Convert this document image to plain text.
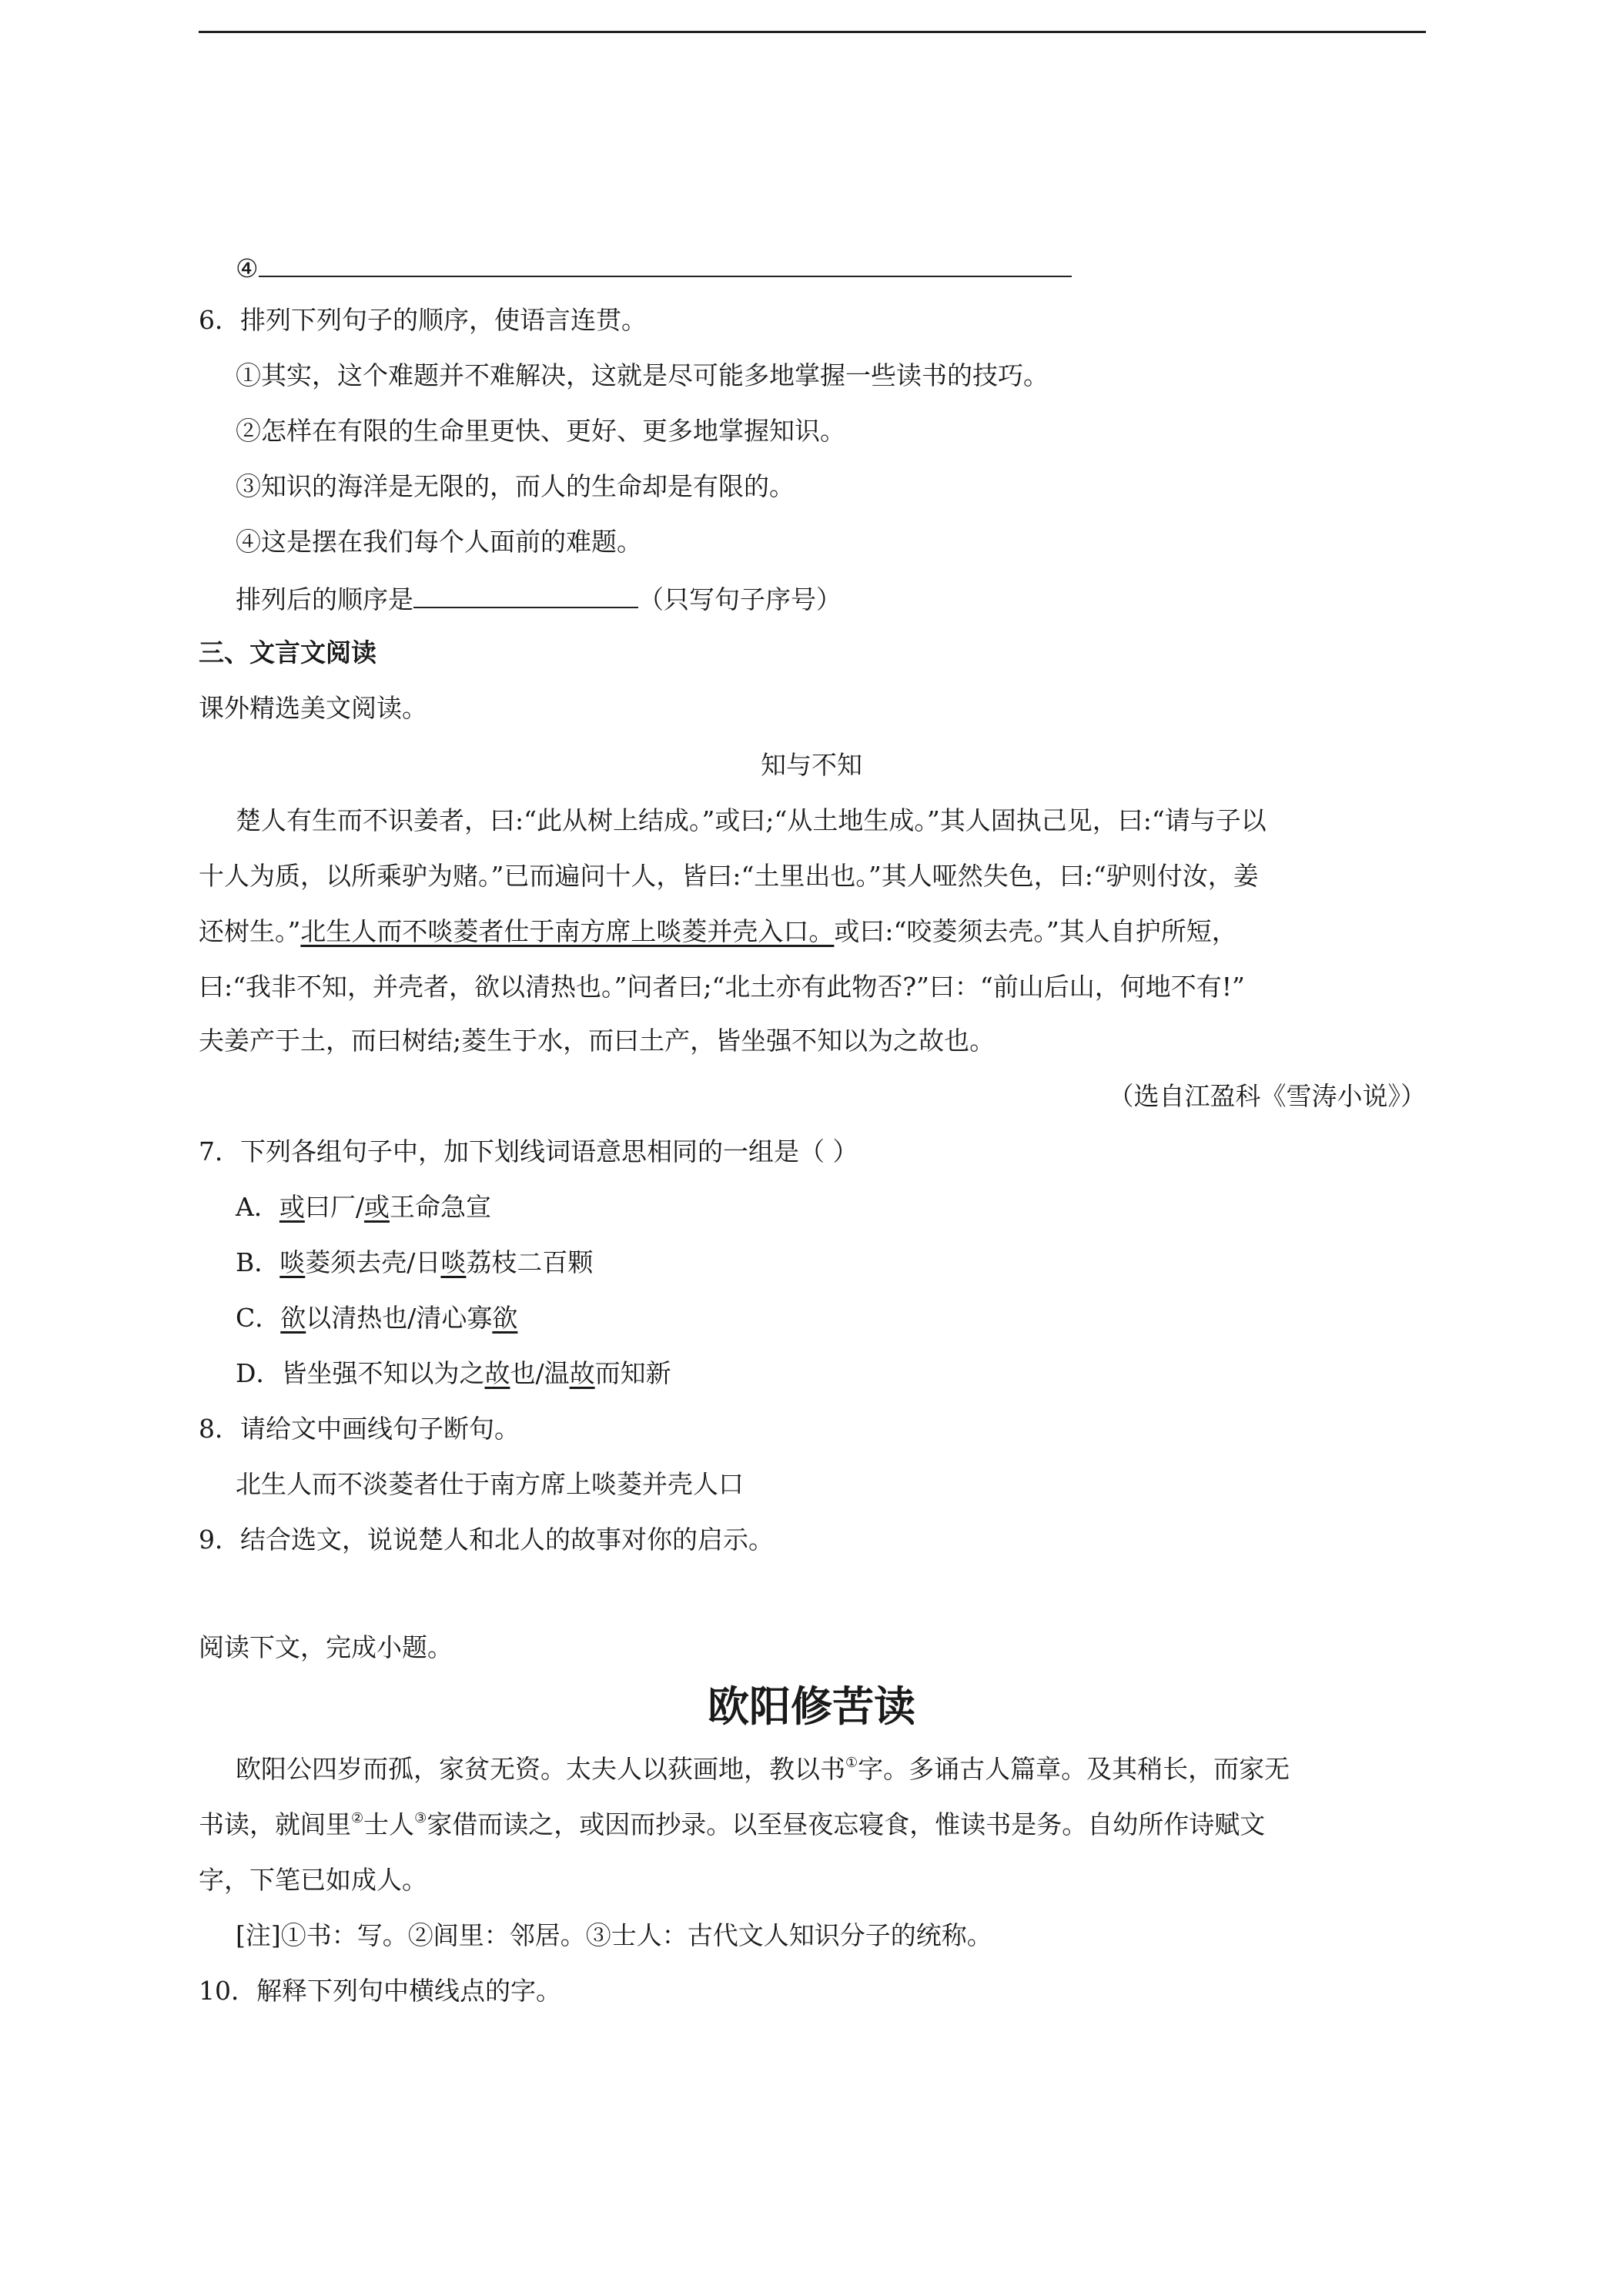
④
6．排列下列句子的顺序，使语言连贯。
①其实，这个难题并不难解决，这就是尽可能多地掌握一些读书的技巧。
②怎样在有限的生命里更快、更好、更多地掌握知识。
③知识的海洋是无限的，而人的生命却是有限的。
④这是摆在我们每个人面前的难题。
排列后的顺序是	（只写句子序号）
三、文言文阅读
课外精选美文阅读。
知与不知
楚人有生而不识姜者，曰:“此从树上结成。”或曰;“从土地生成。”其人固执己见，曰:“请与子以
十人为质，以所乘驴为赌。”已而遍问十人，皆曰:“土里出也。”其人哑然失色，曰:“驴则付汝，姜
还树生。”北生人而不啖菱者仕于南方席上啖菱并壳入口。或曰:“咬菱须去壳。”其人自护所短，
曰:“我非不知，并壳者，欲以清热也。”问者曰;“北土亦有此物否?”曰：“前山后山，何地不有!”
夫姜产于土，而曰树结;菱生于水，而曰土产，皆坐强不知以为之故也。
（选自江盈科《雪涛小说》）
7．下列各组句子中，加下划线词语意思相同的一组是（ ）
A．或曰厂/或王命急宣
B．啖菱须去壳/日啖荔枝二百颗
C．欲以清热也/清心寡欲
D．皆坐强不知以为之故也/温故而知新
8．请给文中画线句子断句。
北生人而不淡菱者仕于南方席上啖菱并壳人口
9．结合选文，说说楚人和北人的故事对你的启示。
阅读下文，完成小题。
欧阳修苦读
欧阳公四岁而孤，家贫无资。太夫人以荻画地，教以书①字。多诵古人篇章。及其稍长，而家无
书读，就闾里②士人③家借而读之，或因而抄录。以至昼夜忘寝食，惟读书是务。自幼所作诗赋文
字，下笔已如成人。
[注]①书：写。②闾里：邻居。③士人：古代文人知识分子的统称。
10．解释下列句中横线点的字。
